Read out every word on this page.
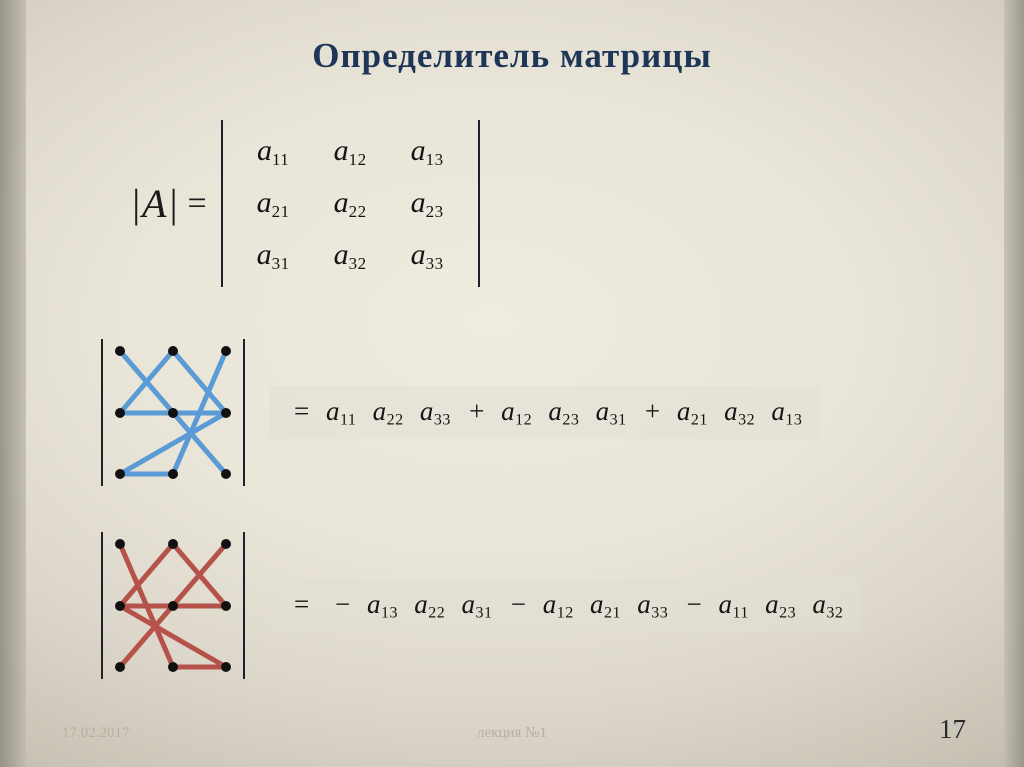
Определитель матрицы
|A| =
$a_{11}$	$a_{12}$	$a_{13}$
$a_{21}$	$a_{22}$	$a_{23}$
$a_{31}$	$a_{32}$	$a_{33}$
= $a_{11}$ $a_{22}$ $a_{33} + a_{12}$ $a_{23}$ $a_{31} + a_{21}$ $a_{32}$ $a_{13}$
= − $a_{13}$ $a_{22}$ $a_{31} - a_{12}$ $a_{21}$ $a_{33} - a_{11}$ $a_{23}$ $a_{32}$
17.02.2017	лекция №1	17
